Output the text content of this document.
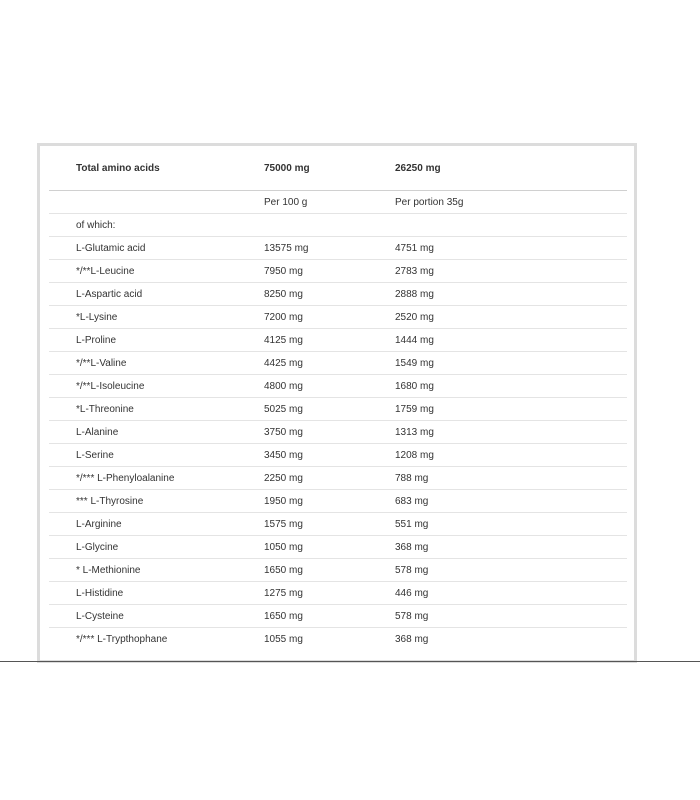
Total amino acids	75000 mg	26250 mg
	Per 100 g	Per portion 35g
of which:		
L-Glutamic acid	13575 mg	4751 mg
*/**L-Leucine	7950 mg	2783 mg
L-Aspartic acid	8250 mg	2888 mg
*L-Lysine	7200 mg	2520 mg
L-Proline	4125 mg	1444 mg
*/**L-Valine	4425 mg	1549 mg
*/**L-Isoleucine	4800 mg	1680 mg
*L-Threonine	5025 mg	1759 mg
L-Alanine	3750 mg	1313 mg
L-Serine	3450 mg	1208 mg
*/*** L-Phenyloalanine	2250 mg	788 mg
*** L-Thyrosine	1950 mg	683 mg
L-Arginine	1575 mg	551 mg
L-Glycine	1050 mg	368 mg
* L-Methionine	1650 mg	578 mg
L-Histidine	1275 mg	446 mg
L-Cysteine	1650 mg	578 mg
*/*** L-Trypthophane	1055 mg	368 mg
